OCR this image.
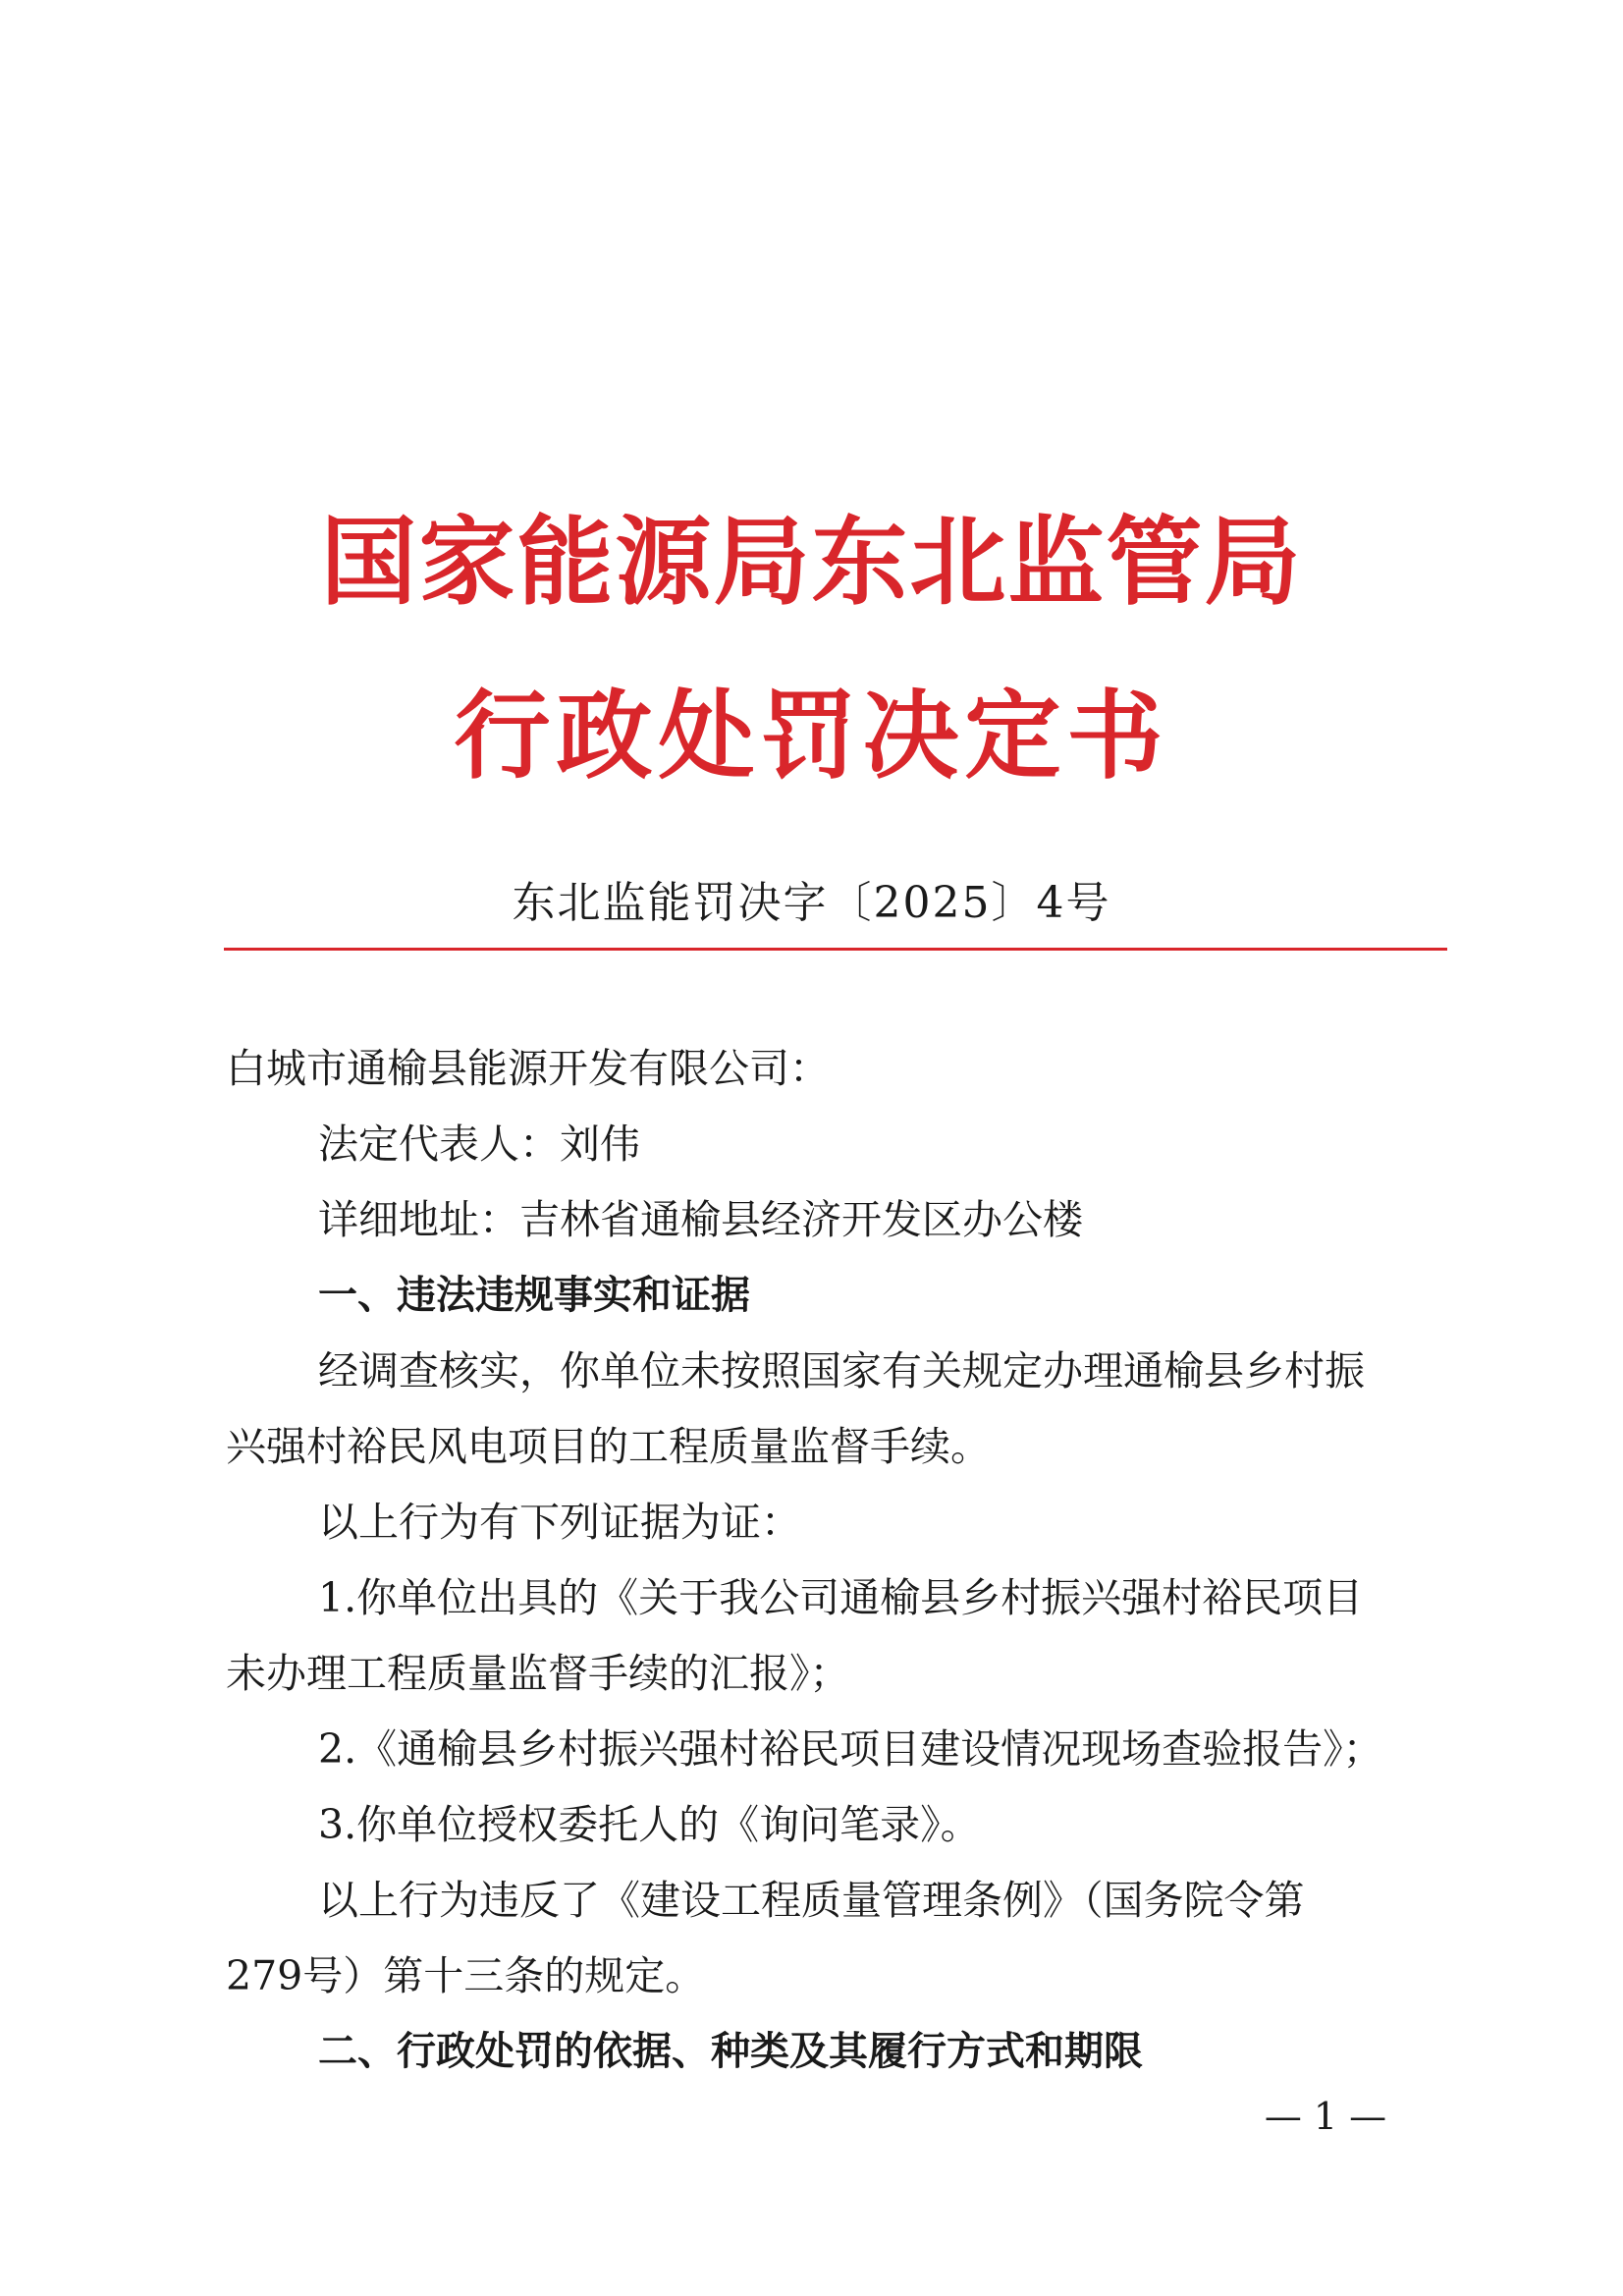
国家能源局东北监管局
行政处罚决定书
东北监能罚决字〔2025〕4号
白城市通榆县能源开发有限公司：
法定代表人：刘伟
详细地址：吉林省通榆县经济开发区办公楼
一、违法违规事实和证据
经调查核实，你单位未按照国家有关规定办理通榆县乡村振
兴强村裕民风电项目的工程质量监督手续。
以上行为有下列证据为证：
1.你单位出具的《关于我公司通榆县乡村振兴强村裕民项目
未办理工程质量监督手续的汇报》；
2.《通榆县乡村振兴强村裕民项目建设情况现场查验报告》；
3.你单位授权委托人的《询问笔录》。
以上行为违反了《建设工程质量管理条例》（国务院令第
279号）第十三条的规定。
二、行政处罚的依据、种类及其履行方式和期限
— 1 —
